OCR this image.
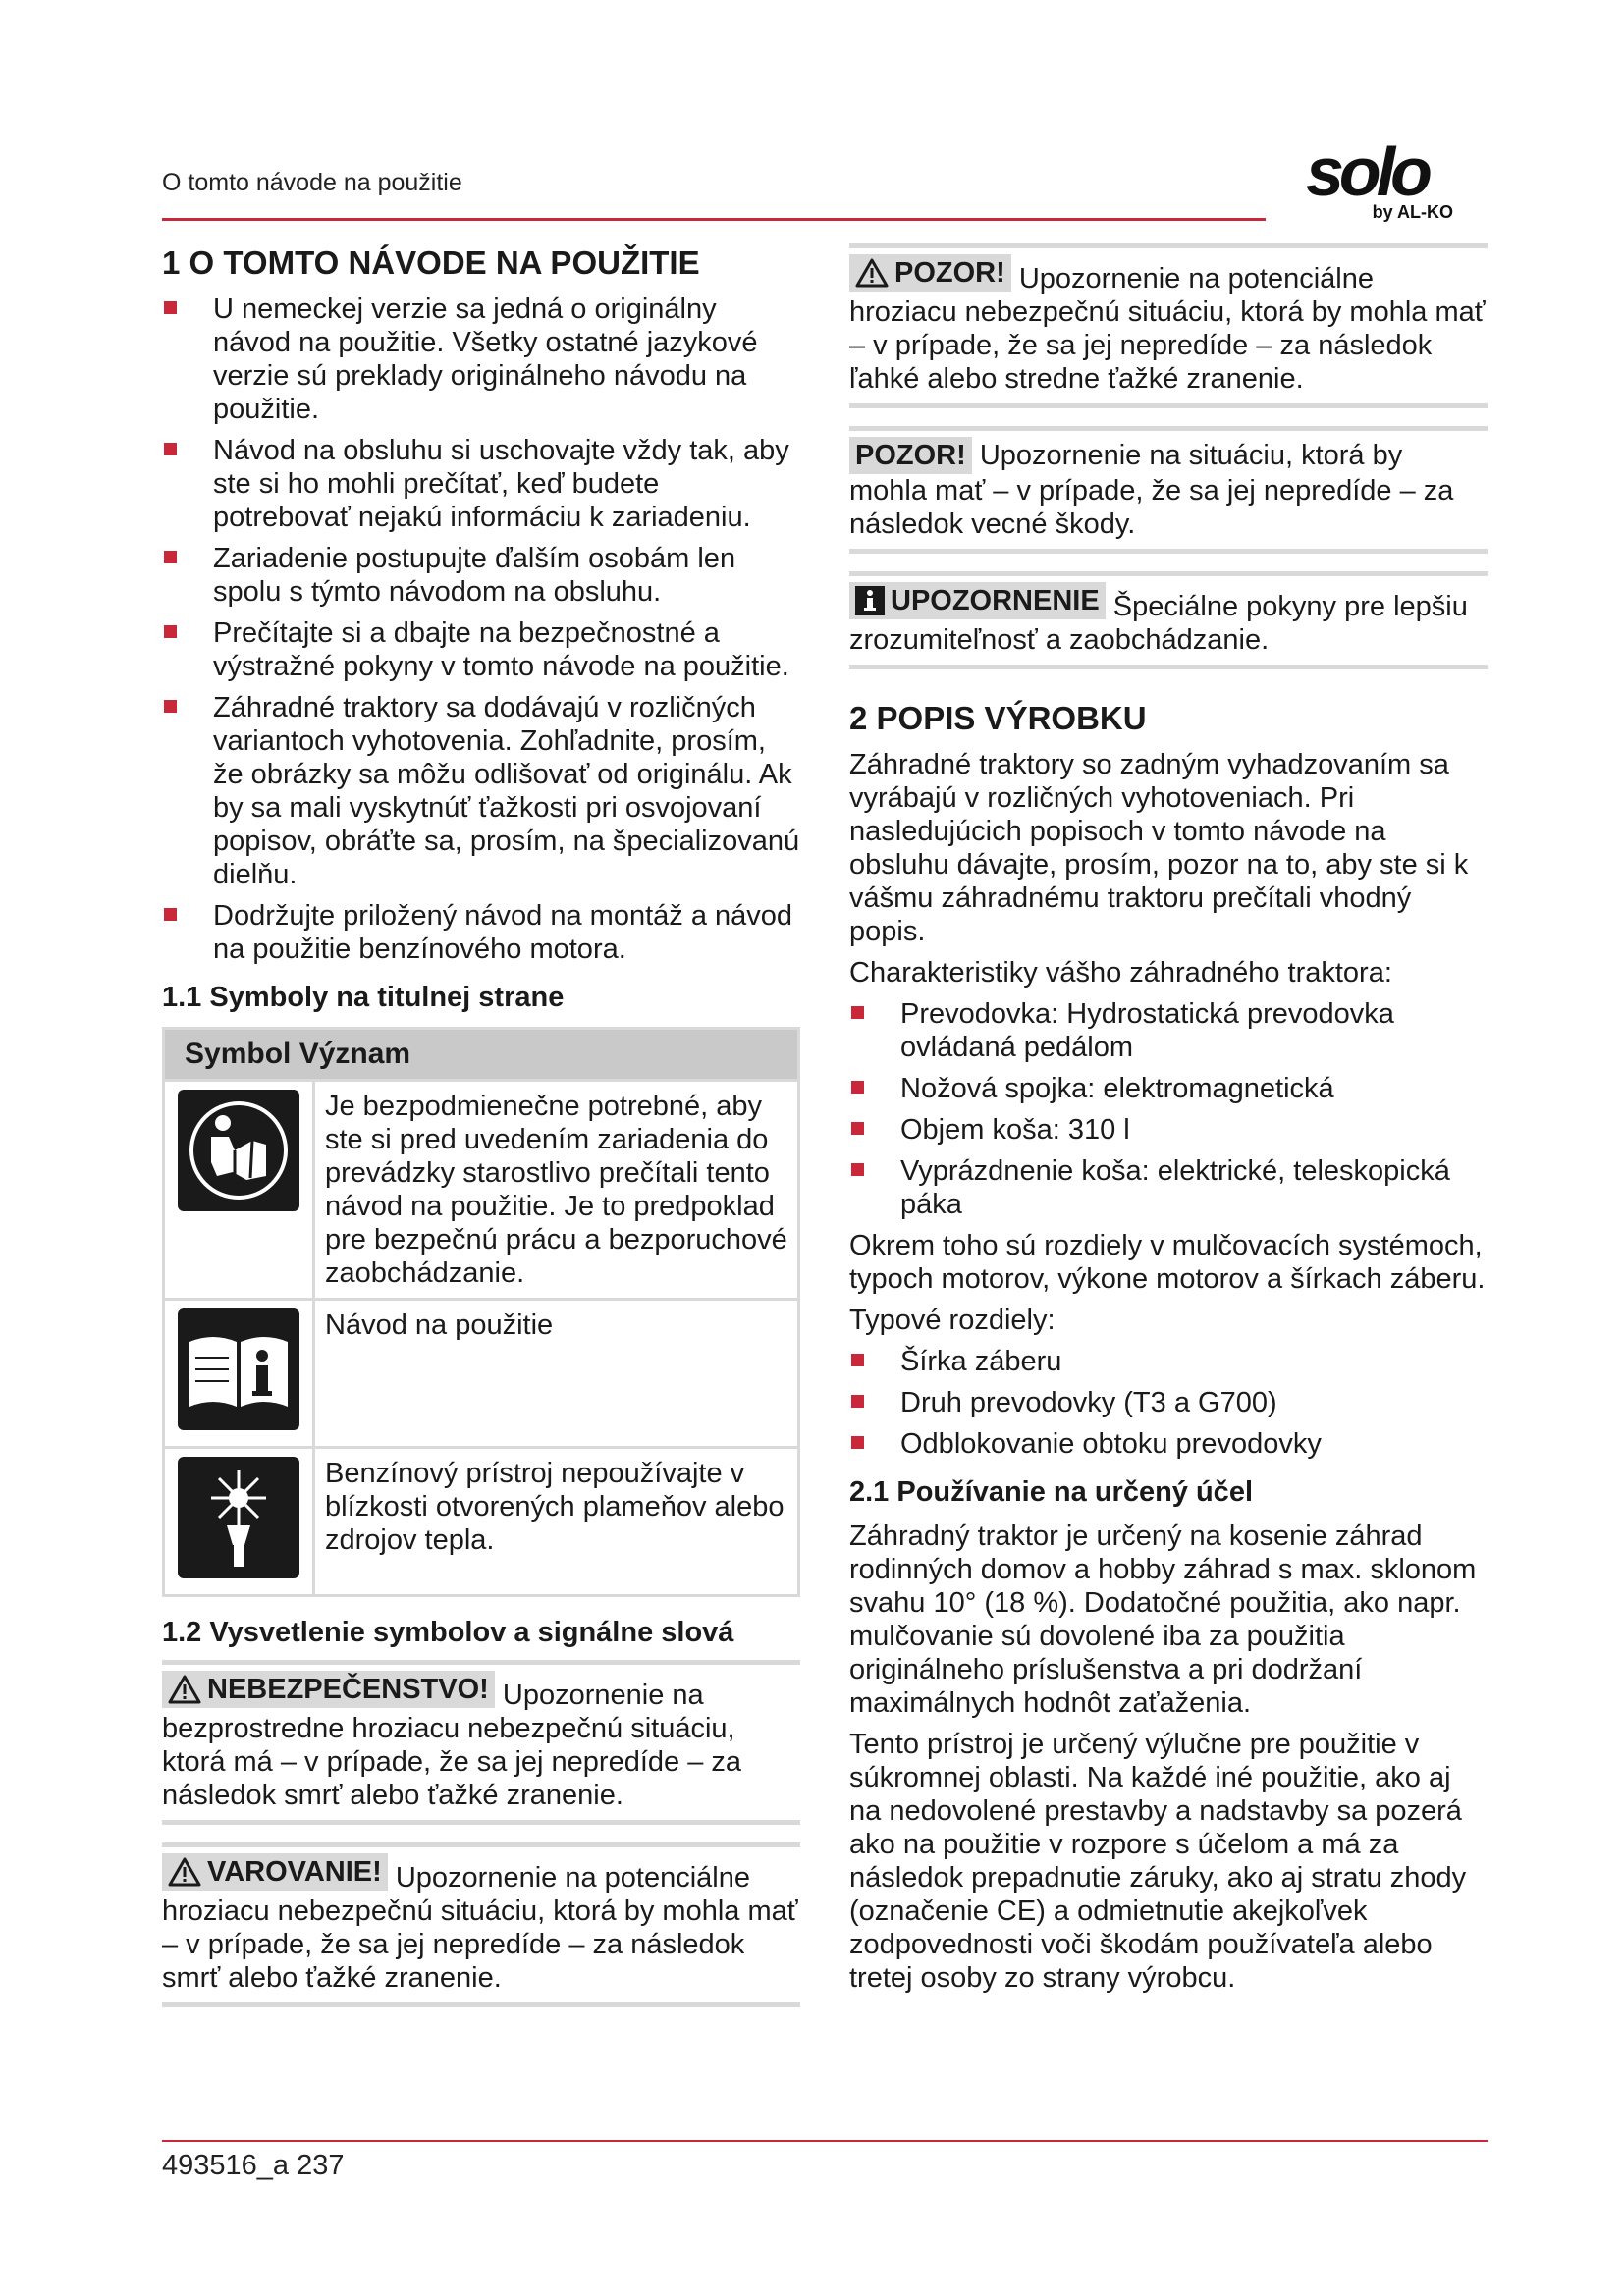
O tomto návode na použitie	solo
by AL-KO
1 O TOMTO NÁVODE NA POUŽITIE
U nemeckej verzie sa jedná o originálny návod na použitie. Všetky ostatné jazykové verzie sú preklady originálneho návodu na použitie.
Návod na obsluhu si uschovajte vždy tak, aby ste si ho mohli prečítať, keď budete potrebovať nejakú informáciu k zariadeniu.
Zariadenie postupujte ďalším osobám len spolu s týmto návodom na obsluhu.
Prečítajte si a dbajte na bezpečnostné a výstražné pokyny v tomto návode na použitie.
Záhradné traktory sa dodávajú v rozličných variantoch vyhotovenia. Zohľadnite, prosím, že obrázky sa môžu odlišovať od originálu. Ak by sa mali vyskytnúť ťažkosti pri osvojovaní popisov, obráťte sa, prosím, na špecializovanú dielňu.
Dodržujte priložený návod na montáž a návod na použitie benzínového motora.
1.1 Symboly na titulnej strane
Symbol Význam	
	Je bezpodmienečne potrebné, aby ste si pred uvedením zariadenia do prevádzky starostlivo prečítali tento návod na použitie. Je to predpoklad pre bezpečnú prácu a bezporuchové zaobchádzanie.
	Návod na použitie
	Benzínový prístroj nepoužívajte v blízkosti otvorených plameňov alebo zdrojov tepla.
1.2 Vysvetlenie symbolov a signálne slová
NEBEZPEČENSTVO! Upozornenie na bezprostredne hroziacu nebezpečnú situáciu, ktorá má – v prípade, že sa jej nepredíde – za následok smrť alebo ťažké zranenie.
VAROVANIE! Upozornenie na potenciálne hroziacu nebezpečnú situáciu, ktorá by mohla mať – v prípade, že sa jej nepredíde – za následok smrť alebo ťažké zranenie.
POZOR! Upozornenie na potenciálne hroziacu nebezpečnú situáciu, ktorá by mohla mať – v prípade, že sa jej nepredíde – za následok ľahké alebo stredne ťažké zranenie.
POZOR! Upozornenie na situáciu, ktorá by mohla mať – v prípade, že sa jej nepredíde – za následok vecné škody.
UPOZORNENIE Špeciálne pokyny pre lepšiu zrozumiteľnosť a zaobchádzanie.
2 POPIS VÝROBKU

Záhradné traktory so zadným vyhadzovaním sa vyrábajú v rozličných vyhotoveniach. Pri nasledujúcich popisoch v tomto návode na obsluhu dávajte, prosím, pozor na to, aby ste si k vášmu záhradnému traktoru prečítali vhodný popis.

Charakteristiky vášho záhradného traktora:

Prevodovka: Hydrostatická prevodovka ovládaná pedálom
Nožová spojka: elektromagnetická
Objem koša: 310 l
Vyprázdnenie koša: elektrické, teleskopická páka

Okrem toho sú rozdiely v mulčovacích systémoch, typoch motorov, výkone motorov a šírkach záberu.

Typové rozdiely:

Šírka záberu
Druh prevodovky (T3 a G700)
Odblokovanie obtoku prevodovky
2.1 Používanie na určený účel

Záhradný traktor je určený na kosenie záhrad rodinných domov a hobby záhrad s max. sklonom svahu 10° (18 %). Dodatočné použitia, ako napr. mulčovanie sú dovolené iba za použitia originálneho príslušenstva a pri dodržaní maximálnych hodnôt zaťaženia.

Tento prístroj je určený výlučne pre použitie v súkromnej oblasti. Na každé iné použitie, ako aj na nedovolené prestavby a nadstavby sa pozerá ako na použitie v rozpore s účelom a má za následok prepadnutie záruky, ako aj stratu zhody (označenie CE) a odmietnutie akejkoľvek zodpovednosti voči škodám používateľa alebo tretej osoby zo strany výrobcu.

493516_a 237
